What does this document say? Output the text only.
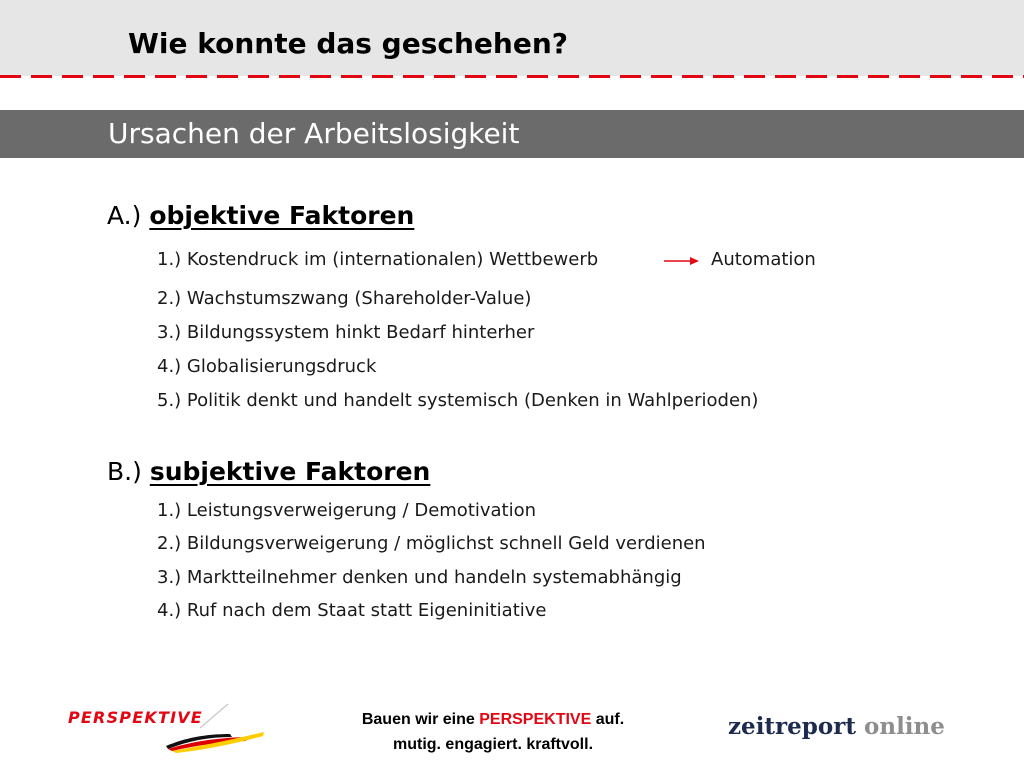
Wie konnte das geschehen?
Ursachen der Arbeitslosigkeit
A.) objektive Faktoren
1.) Kostendruck im (internationalen) Wettbewerb	Automation
2.) Wachstumszwang (Shareholder-Value)
3.) Bildungssystem hinkt Bedarf hinterher
4.) Globalisierungsdruck
5.) Politik denkt und handelt systemisch (Denken in Wahlperioden)
B.) subjektive Faktoren
1.) Leistungsverweigerung / Demotivation
2.) Bildungsverweigerung / möglichst schnell Geld verdienen
3.) Marktteilnehmer denken und handeln systemabhängig
4.) Ruf nach dem Staat statt Eigeninitiative
PERSPEKTIVE	Bauen wir eine PERSPEKTIVE auf.
mutig. engagiert. kraftvoll.
zeitreport online
